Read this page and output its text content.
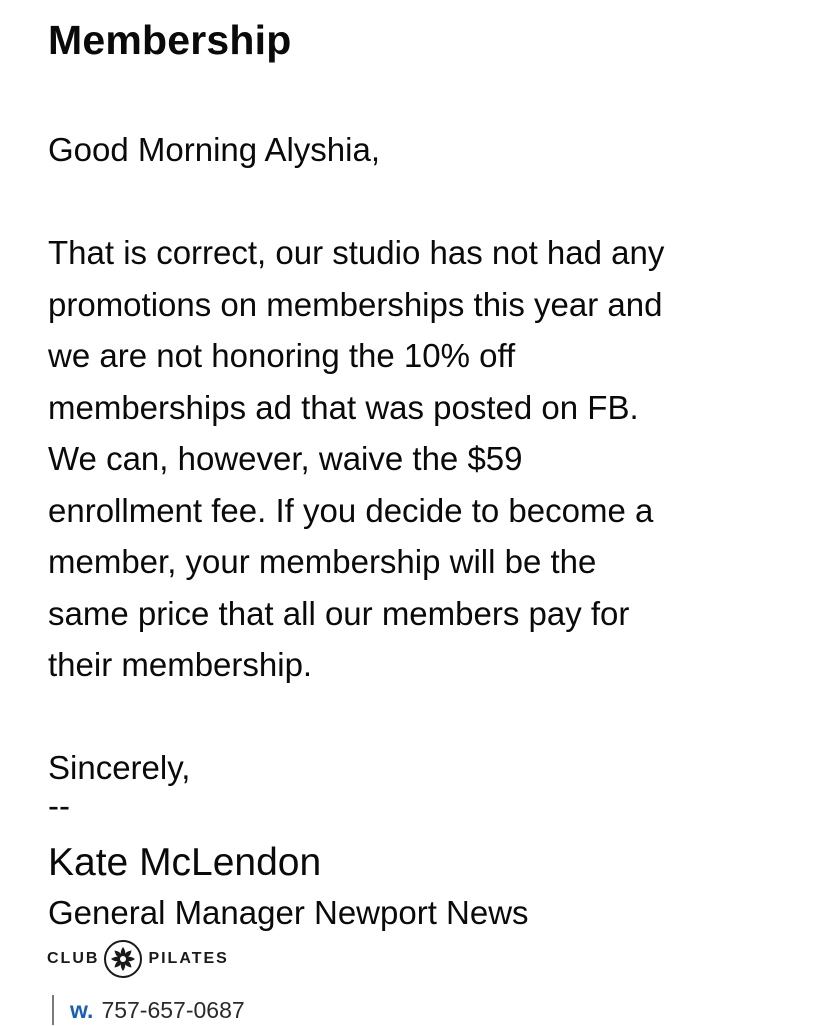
Membership

Good Morning Alyshia,

That is correct, our studio has not had any
promotions on memberships this year and
we are not honoring the 10% off
memberships ad that was posted on FB.
We can, however, waive the $59
enrollment fee. If you decide to become a
member, your membership will be the
same price that all our members pay for
their membership.

Sincerely,

--
Kate McLendon
General Manager Newport News
CLUB	PILATES
w. 757-657-0687
